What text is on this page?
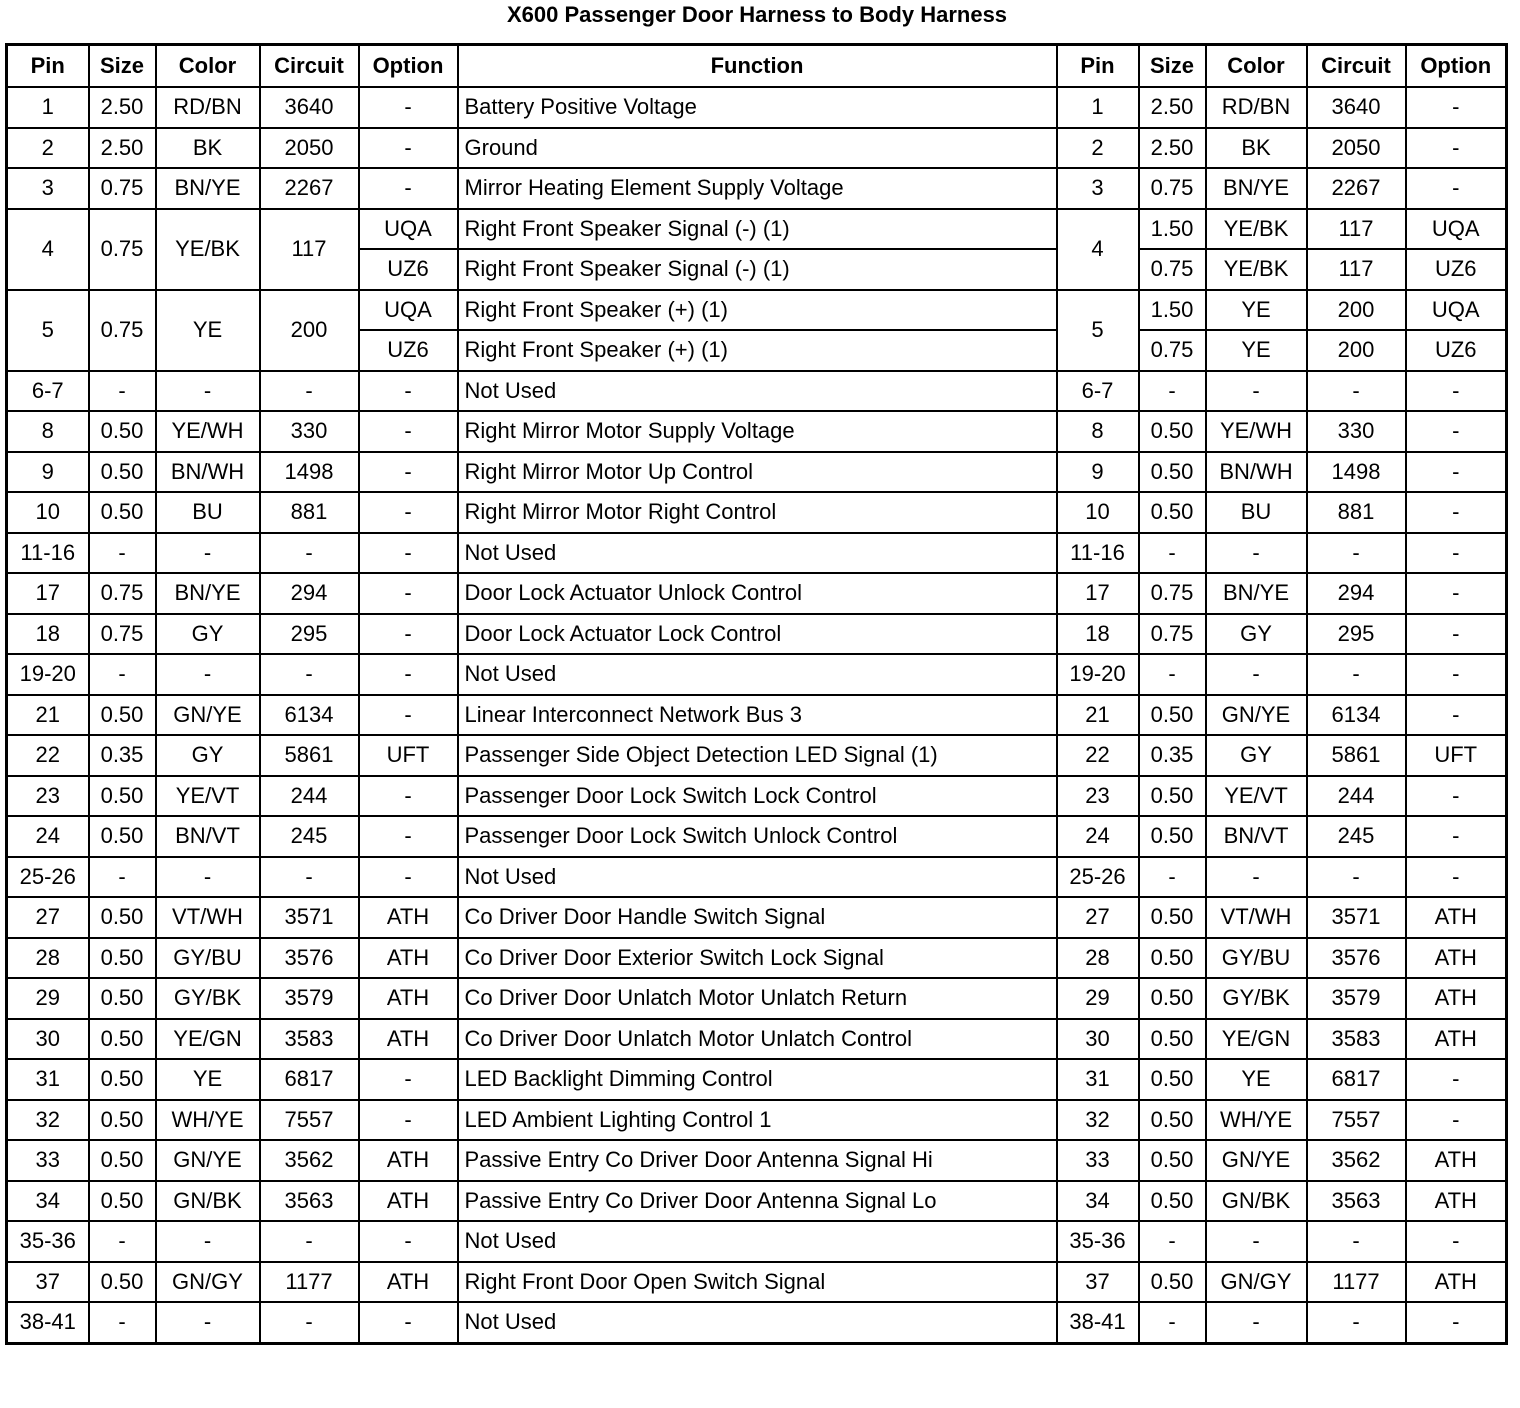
X600 Passenger Door Harness to Body Harness
Pin	Size	Color	Circuit	Option	Function	Pin	Size	Color	Circuit	Option
1	2.50	RD/BN	3640	-	Battery Positive Voltage	1	2.50	RD/BN	3640	-
2	2.50	BK	2050	-	Ground	2	2.50	BK	2050	-
3	0.75	BN/YE	2267	-	Mirror Heating Element Supply Voltage	3	0.75	BN/YE	2267	-
4	0.75	YE/BK	117	UQA	Right Front Speaker Signal (-) (1)	4	1.50	YE/BK	117	UQA
				UZ6	Right Front Speaker Signal (-) (1)		0.75	YE/BK	117	UZ6
5	0.75	YE	200	UQA	Right Front Speaker (+) (1)	5	1.50	YE	200	UQA
				UZ6	Right Front Speaker (+) (1)		0.75	YE	200	UZ6
6-7	-	-	-	-	Not Used	6-7	-	-	-	-
8	0.50	YE/WH	330	-	Right Mirror Motor Supply Voltage	8	0.50	YE/WH	330	-
9	0.50	BN/WH	1498	-	Right Mirror Motor Up Control	9	0.50	BN/WH	1498	-
10	0.50	BU	881	-	Right Mirror Motor Right Control	10	0.50	BU	881	-
11-16	-	-	-	-	Not Used	11-16	-	-	-	-
17	0.75	BN/YE	294	-	Door Lock Actuator Unlock Control	17	0.75	BN/YE	294	-
18	0.75	GY	295	-	Door Lock Actuator Lock Control	18	0.75	GY	295	-
19-20	-	-	-	-	Not Used	19-20	-	-	-	-
21	0.50	GN/YE	6134	-	Linear Interconnect Network Bus 3	21	0.50	GN/YE	6134	-
22	0.35	GY	5861	UFT	Passenger Side Object Detection LED Signal (1)	22	0.35	GY	5861	UFT
23	0.50	YE/VT	244	-	Passenger Door Lock Switch Lock Control	23	0.50	YE/VT	244	-
24	0.50	BN/VT	245	-	Passenger Door Lock Switch Unlock Control	24	0.50	BN/VT	245	-
25-26	-	-	-	-	Not Used	25-26	-	-	-	-
27	0.50	VT/WH	3571	ATH	Co Driver Door Handle Switch Signal	27	0.50	VT/WH	3571	ATH
28	0.50	GY/BU	3576	ATH	Co Driver Door Exterior Switch Lock Signal	28	0.50	GY/BU	3576	ATH
29	0.50	GY/BK	3579	ATH	Co Driver Door Unlatch Motor Unlatch Return	29	0.50	GY/BK	3579	ATH
30	0.50	YE/GN	3583	ATH	Co Driver Door Unlatch Motor Unlatch Control	30	0.50	YE/GN	3583	ATH
31	0.50	YE	6817	-	LED Backlight Dimming Control	31	0.50	YE	6817	-
32	0.50	WH/YE	7557	-	LED Ambient Lighting Control 1	32	0.50	WH/YE	7557	-
33	0.50	GN/YE	3562	ATH	Passive Entry Co Driver Door Antenna Signal Hi	33	0.50	GN/YE	3562	ATH
34	0.50	GN/BK	3563	ATH	Passive Entry Co Driver Door Antenna Signal Lo	34	0.50	GN/BK	3563	ATH
35-36	-	-	-	-	Not Used	35-36	-	-	-	-
37	0.50	GN/GY	1177	ATH	Right Front Door Open Switch Signal	37	0.50	GN/GY	1177	ATH
38-41	-	-	-	-	Not Used	38-41	-	-	-	-
